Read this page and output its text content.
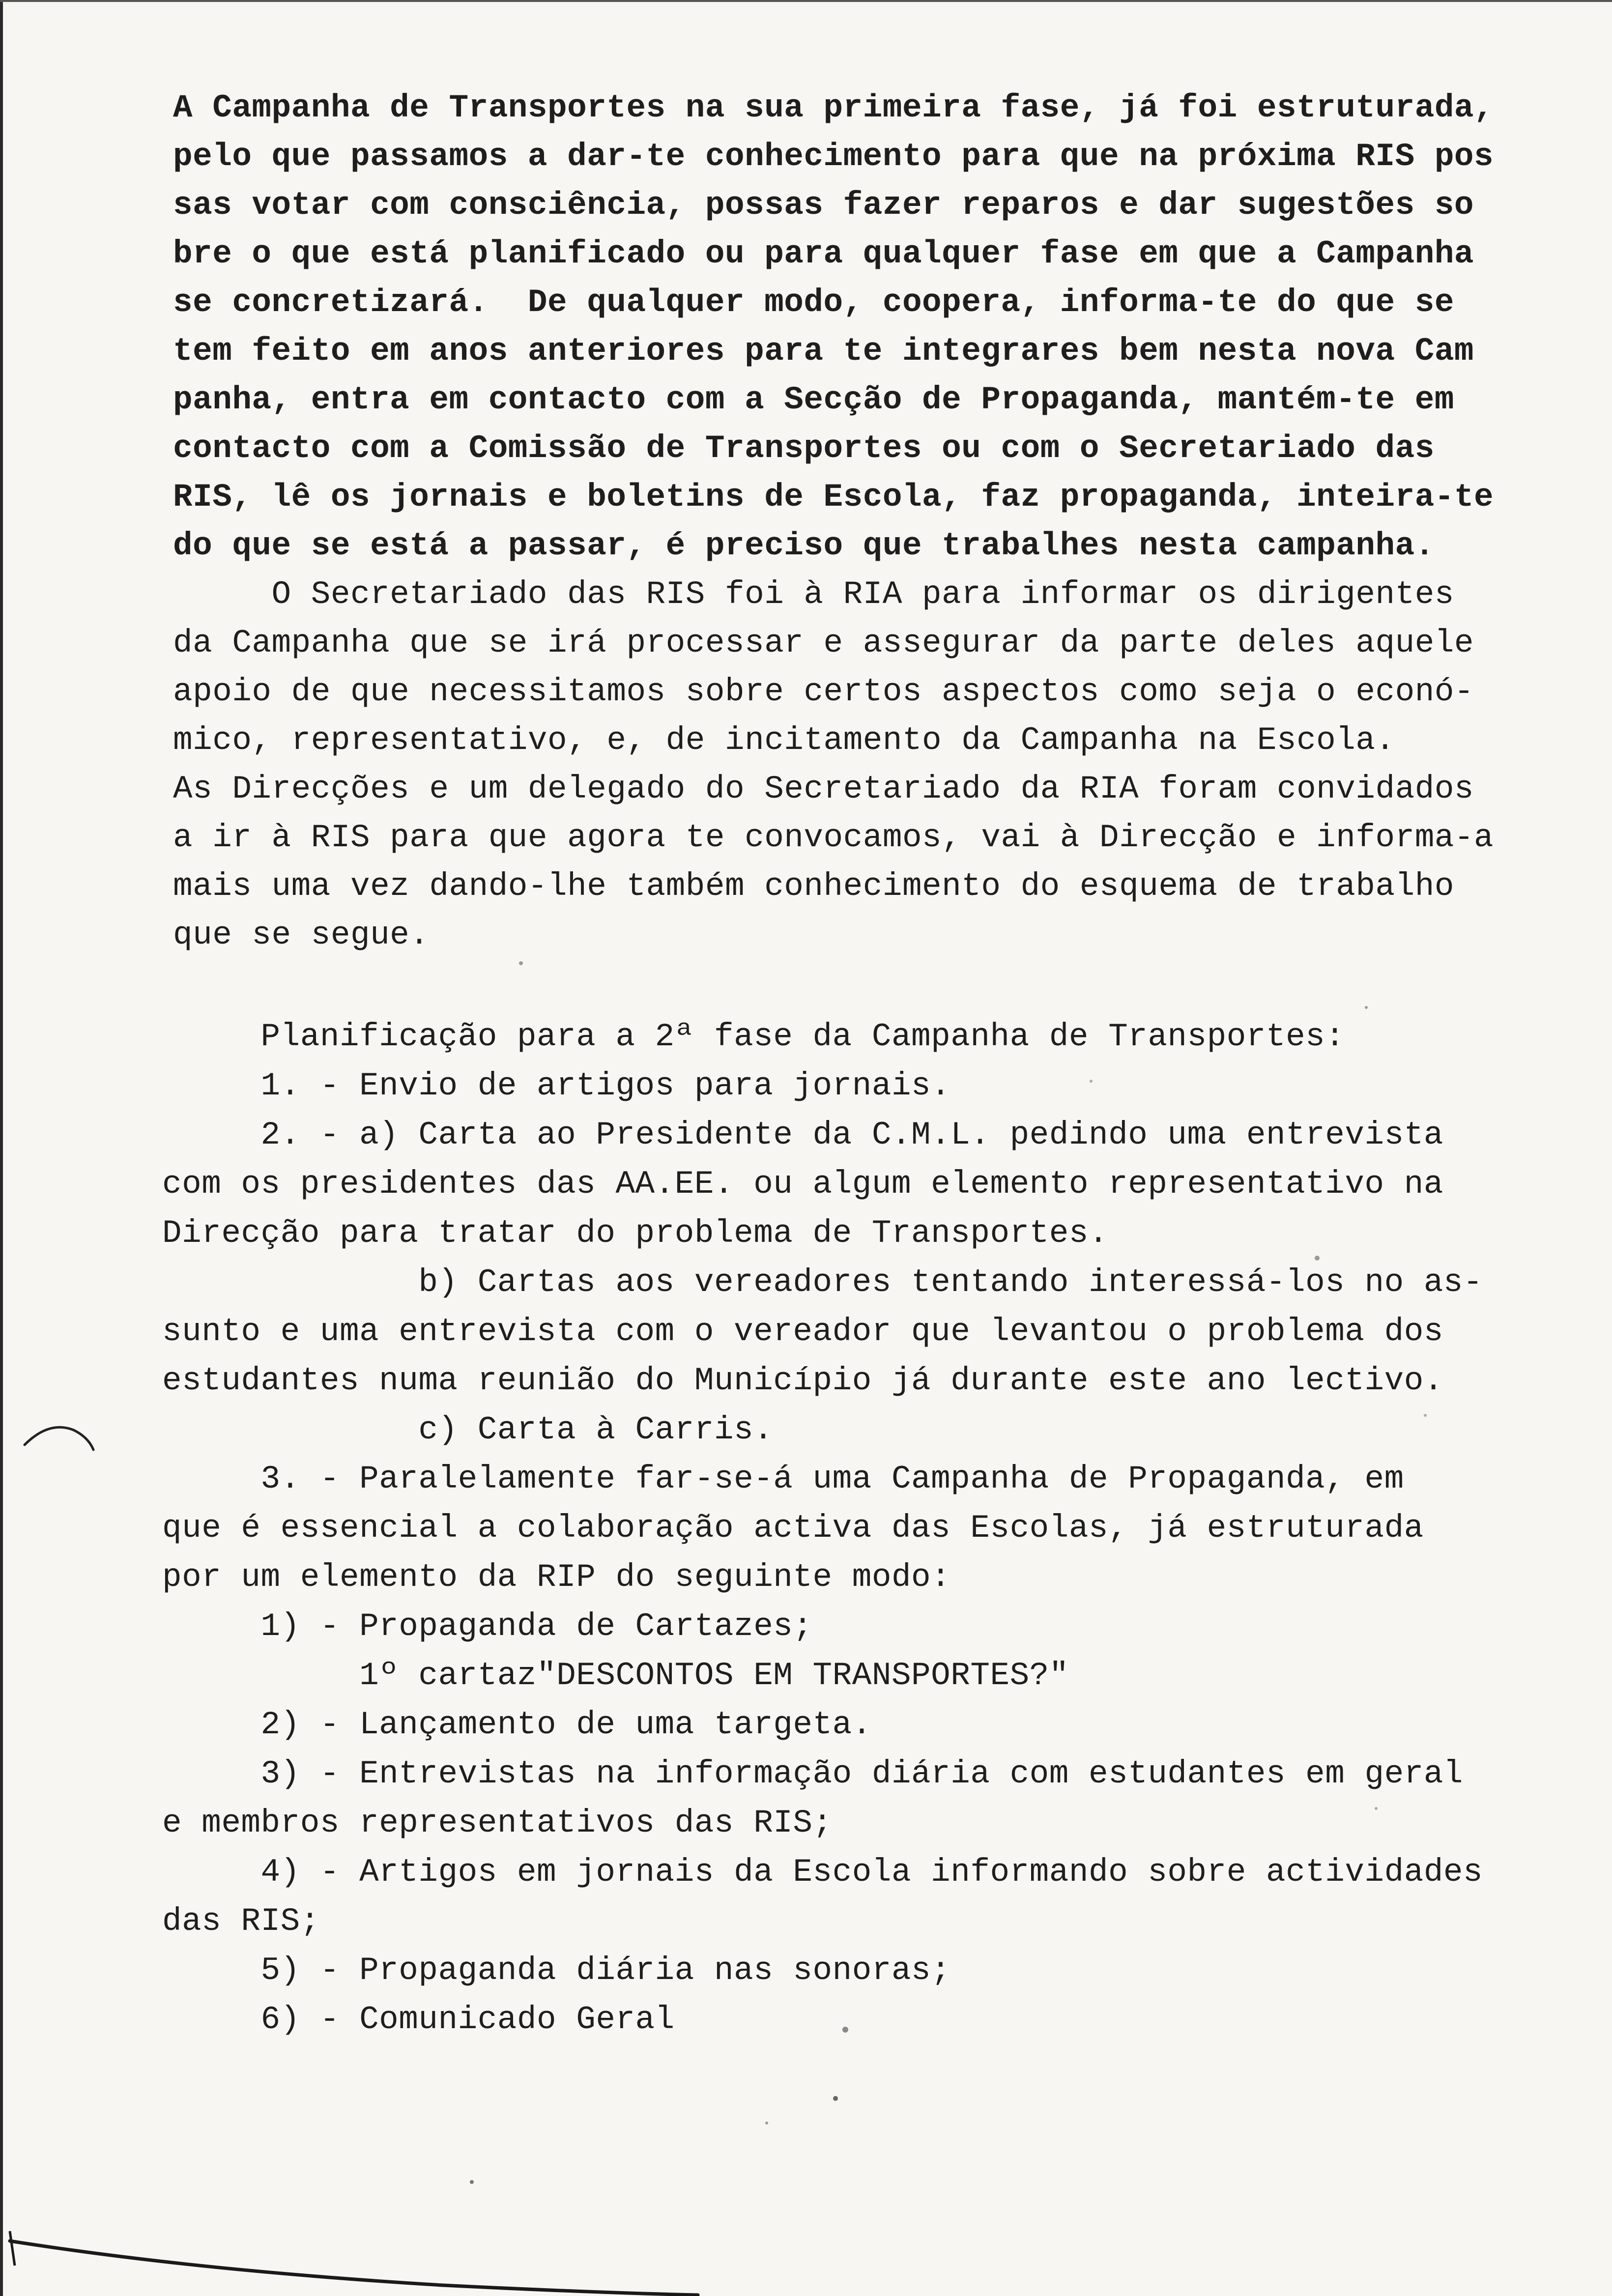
A Campanha de Transportes na sua primeira fase, já foi estruturada,

pelo que passamos a dar-te conhecimento para que na próxima RIS pos

sas votar com consciência, possas fazer reparos e dar sugestões so

bre o que está planificado ou para qualquer fase em que a Campanha

se concretizará.  De qualquer modo, coopera, informa-te do que se

tem feito em anos anteriores para te integrares bem nesta nova Cam

panha, entra em contacto com a Secção de Propaganda, mantém-te em

contacto com a Comissão de Transportes ou com o Secretariado das

RIS, lê os jornais e boletins de Escola, faz propaganda, inteira-te

do que se está a passar, é preciso que trabalhes nesta campanha.

O Secretariado das RIS foi à RIA para informar os dirigentes

da Campanha que se irá processar e assegurar da parte deles aquele

apoio de que necessitamos sobre certos aspectos como seja o econó-

mico, representativo, e, de incitamento da Campanha na Escola.

As Direcções e um delegado do Secretariado da RIA foram convidados

a ir à RIS para que agora te convocamos, vai à Direcção e informa-a

mais uma vez dando-lhe também conhecimento do esquema de trabalho

que se segue.

Planificação para a 2ª fase da Campanha de Transportes:

1. - Envio de artigos para jornais.

2. - a) Carta ao Presidente da C.M.L. pedindo uma entrevista

com os presidentes das AA.EE. ou algum elemento representativo na

Direcção para tratar do problema de Transportes.

b) Cartas aos vereadores tentando interessá-los no as-

sunto e uma entrevista com o vereador que levantou o problema dos

estudantes numa reunião do Município já durante este ano lectivo.

c) Carta à Carris.

3. - Paralelamente far-se-á uma Campanha de Propaganda, em

que é essencial a colaboração activa das Escolas, já estruturada

por um elemento da RIP do seguinte modo:

1) - Propaganda de Cartazes;

1º cartaz"DESCONTOS EM TRANSPORTES?"

2) - Lançamento de uma targeta.

3) - Entrevistas na informação diária com estudantes em geral

e membros representativos das RIS;

4) - Artigos em jornais da Escola informando sobre actividades

das RIS;

5) - Propaganda diária nas sonoras;

6) - Comunicado Geral
